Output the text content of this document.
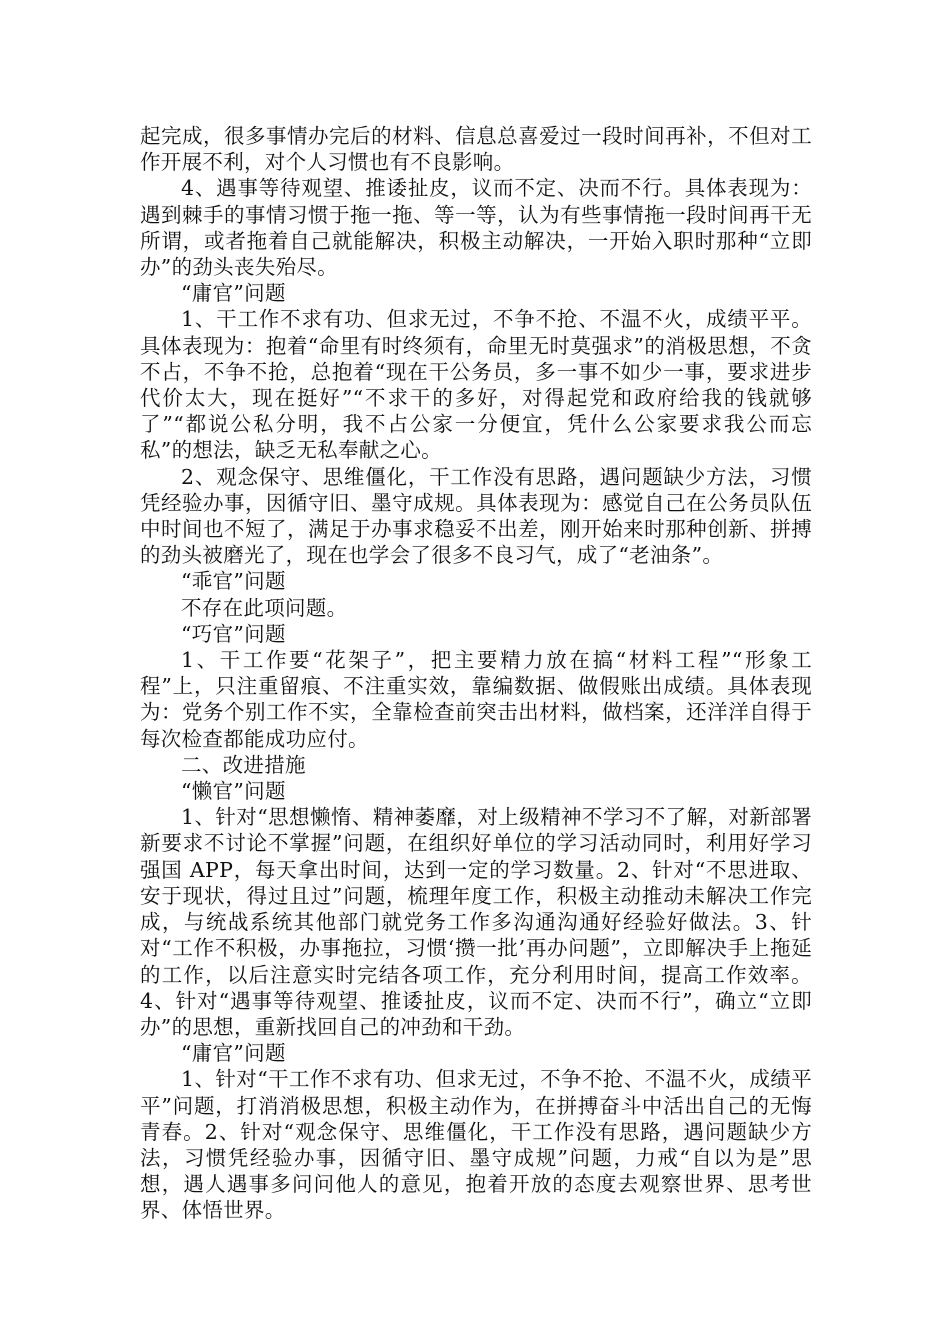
起完成，很多事情办完后的材料、信息总喜爱过一段时间再补，不但对工作开展不利，对个人习惯也有不良影响。

4、遇事等待观望、推诿扯皮，议而不定、决而不行。具体表现为：遇到棘手的事情习惯于拖一拖、等一等，认为有些事情拖一段时间再干无所谓，或者拖着自己就能解决，积极主动解决，一开始入职时那种“立即办”的劲头丧失殆尽。

“庸官”问题

1、干工作不求有功、但求无过，不争不抢、不温不火，成绩平平。具体表现为：抱着“命里有时终须有，命里无时莫强求”的消极思想，不贪不占，不争不抢，总抱着“现在干公务员，多一事不如少一事，要求进步代价太大，现在挺好”“不求干的多好，对得起党和政府给我的钱就够了”“都说公私分明，我不占公家一分便宜，凭什么公家要求我公而忘私”的想法，缺乏无私奉献之心。

2、观念保守、思维僵化，干工作没有思路，遇问题缺少方法，习惯凭经验办事，因循守旧、墨守成规。具体表现为：感觉自己在公务员队伍中时间也不短了，满足于办事求稳妥不出差，刚开始来时那种创新、拼搏的劲头被磨光了，现在也学会了很多不良习气，成了“老油条”。

“乖官”问题

不存在此项问题。

“巧官”问题

1、干工作要“花架子”，把主要精力放在搞“材料工程”“形象工程”上，只注重留痕、不注重实效，靠编数据、做假账出成绩。具体表现为：党务个别工作不实，全靠检查前突击出材料，做档案，还洋洋自得于每次检查都能成功应付。

二、改进措施

“懒官”问题

1、针对“思想懒惰、精神萎靡，对上级精神不学习不了解，对新部署新要求不讨论不掌握”问题，在组织好单位的学习活动同时，利用好学习强国 APP，每天拿出时间，达到一定的学习数量。2、针对“不思进取、安于现状，得过且过”问题，梳理年度工作，积极主动推动未解决工作完成，与统战系统其他部门就党务工作多沟通沟通好经验好做法。3、针对“工作不积极，办事拖拉，习惯‘攒一批’再办问题”，立即解决手上拖延的工作，以后注意实时完结各项工作，充分利用时间，提高工作效率。4、针对“遇事等待观望、推诿扯皮，议而不定、决而不行”，确立“立即办”的思想，重新找回自己的冲劲和干劲。

“庸官”问题

1、针对“干工作不求有功、但求无过，不争不抢、不温不火，成绩平平”问题，打消消极思想，积极主动作为，在拼搏奋斗中活出自己的无悔青春。2、针对“观念保守、思维僵化，干工作没有思路，遇问题缺少方法，习惯凭经验办事，因循守旧、墨守成规”问题，力戒“自以为是”思想，遇人遇事多问问他人的意见，抱着开放的态度去观察世界、思考世界、体悟世界。
